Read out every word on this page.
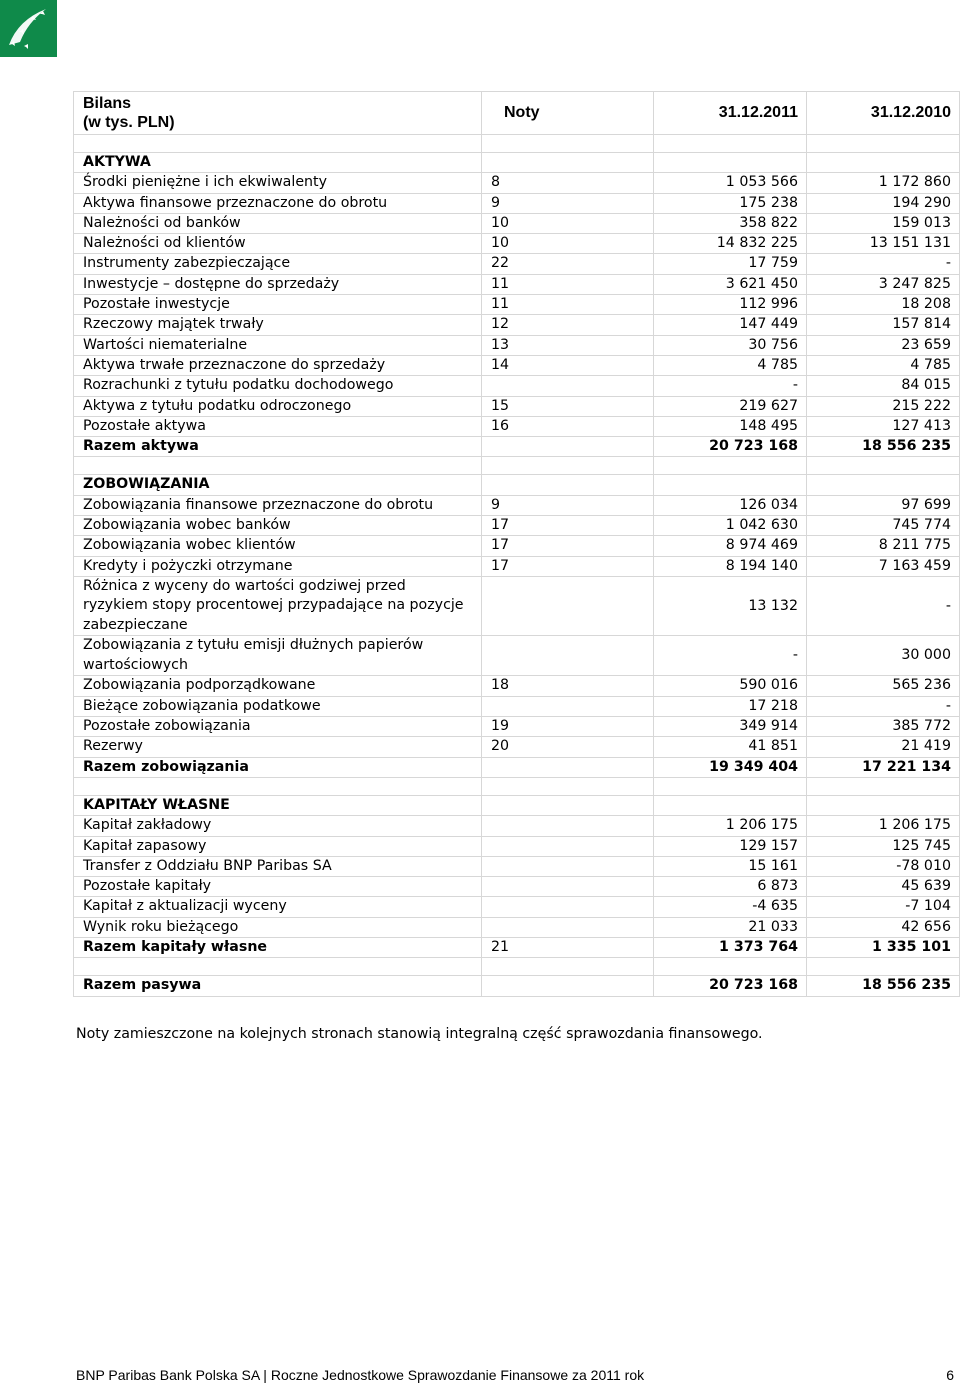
Bilans
(w tys. PLN)	Noty	31.12.2011	31.12.2010

AKTYWA			
Środki pieniężne i ich ekwiwalenty	8	1 053 566	1 172 860
Aktywa finansowe przeznaczone do obrotu	9	175 238	194 290
Należności od banków	10	358 822	159 013
Należności od klientów	10	14 832 225	13 151 131
Instrumenty zabezpieczające	22	17 759	-
Inwestycje – dostępne do sprzedaży	11	3 621 450	3 247 825
Pozostałe inwestycje	11	112 996	18 208
Rzeczowy majątek trwały	12	147 449	157 814
Wartości niematerialne	13	30 756	23 659
Aktywa trwałe przeznaczone do sprzedaży	14	4 785	4 785
Rozrachunki z tytułu podatku dochodowego		-	84 015
Aktywa z tytułu podatku odroczonego	15	219 627	215 222
Pozostałe aktywa	16	148 495	127 413
Razem aktywa		20 723 168	18 556 235

ZOBOWIĄZANIA			
Zobowiązania finansowe przeznaczone do obrotu	9	126 034	97 699
Zobowiązania wobec banków	17	1 042 630	745 774
Zobowiązania wobec klientów	17	8 974 469	8 211 775
Kredyty i pożyczki otrzymane	17	8 194 140	7 163 459
Różnica z wyceny do wartości godziwej przed ryzykiem stopy procentowej przypadające na pozycje zabezpieczane		13 132	-
Zobowiązania z tytułu emisji dłużnych papierów wartościowych		-	30 000
Zobowiązania podporządkowane	18	590 016	565 236
Bieżące zobowiązania podatkowe		17 218	-
Pozostałe zobowiązania	19	349 914	385 772
Rezerwy	20	41 851	21 419
Razem zobowiązania		19 349 404	17 221 134

KAPITAŁY WŁASNE			
Kapitał zakładowy		1 206 175	1 206 175
Kapitał zapasowy		129 157	125 745
Transfer z Oddziału BNP Paribas SA		15 161	-78 010
Pozostałe kapitały		6 873	45 639
Kapitał z aktualizacji wyceny		-4 635	-7 104
Wynik roku bieżącego		21 033	42 656
Razem kapitały własne	21	1 373 764	1 335 101

Razem pasywa		20 723 168	18 556 235
Noty zamieszczone na kolejnych stronach stanowią integralną część sprawozdania finansowego.
BNP Paribas Bank Polska SA | Roczne Jednostkowe Sprawozdanie Finansowe za 2011 rok	6
